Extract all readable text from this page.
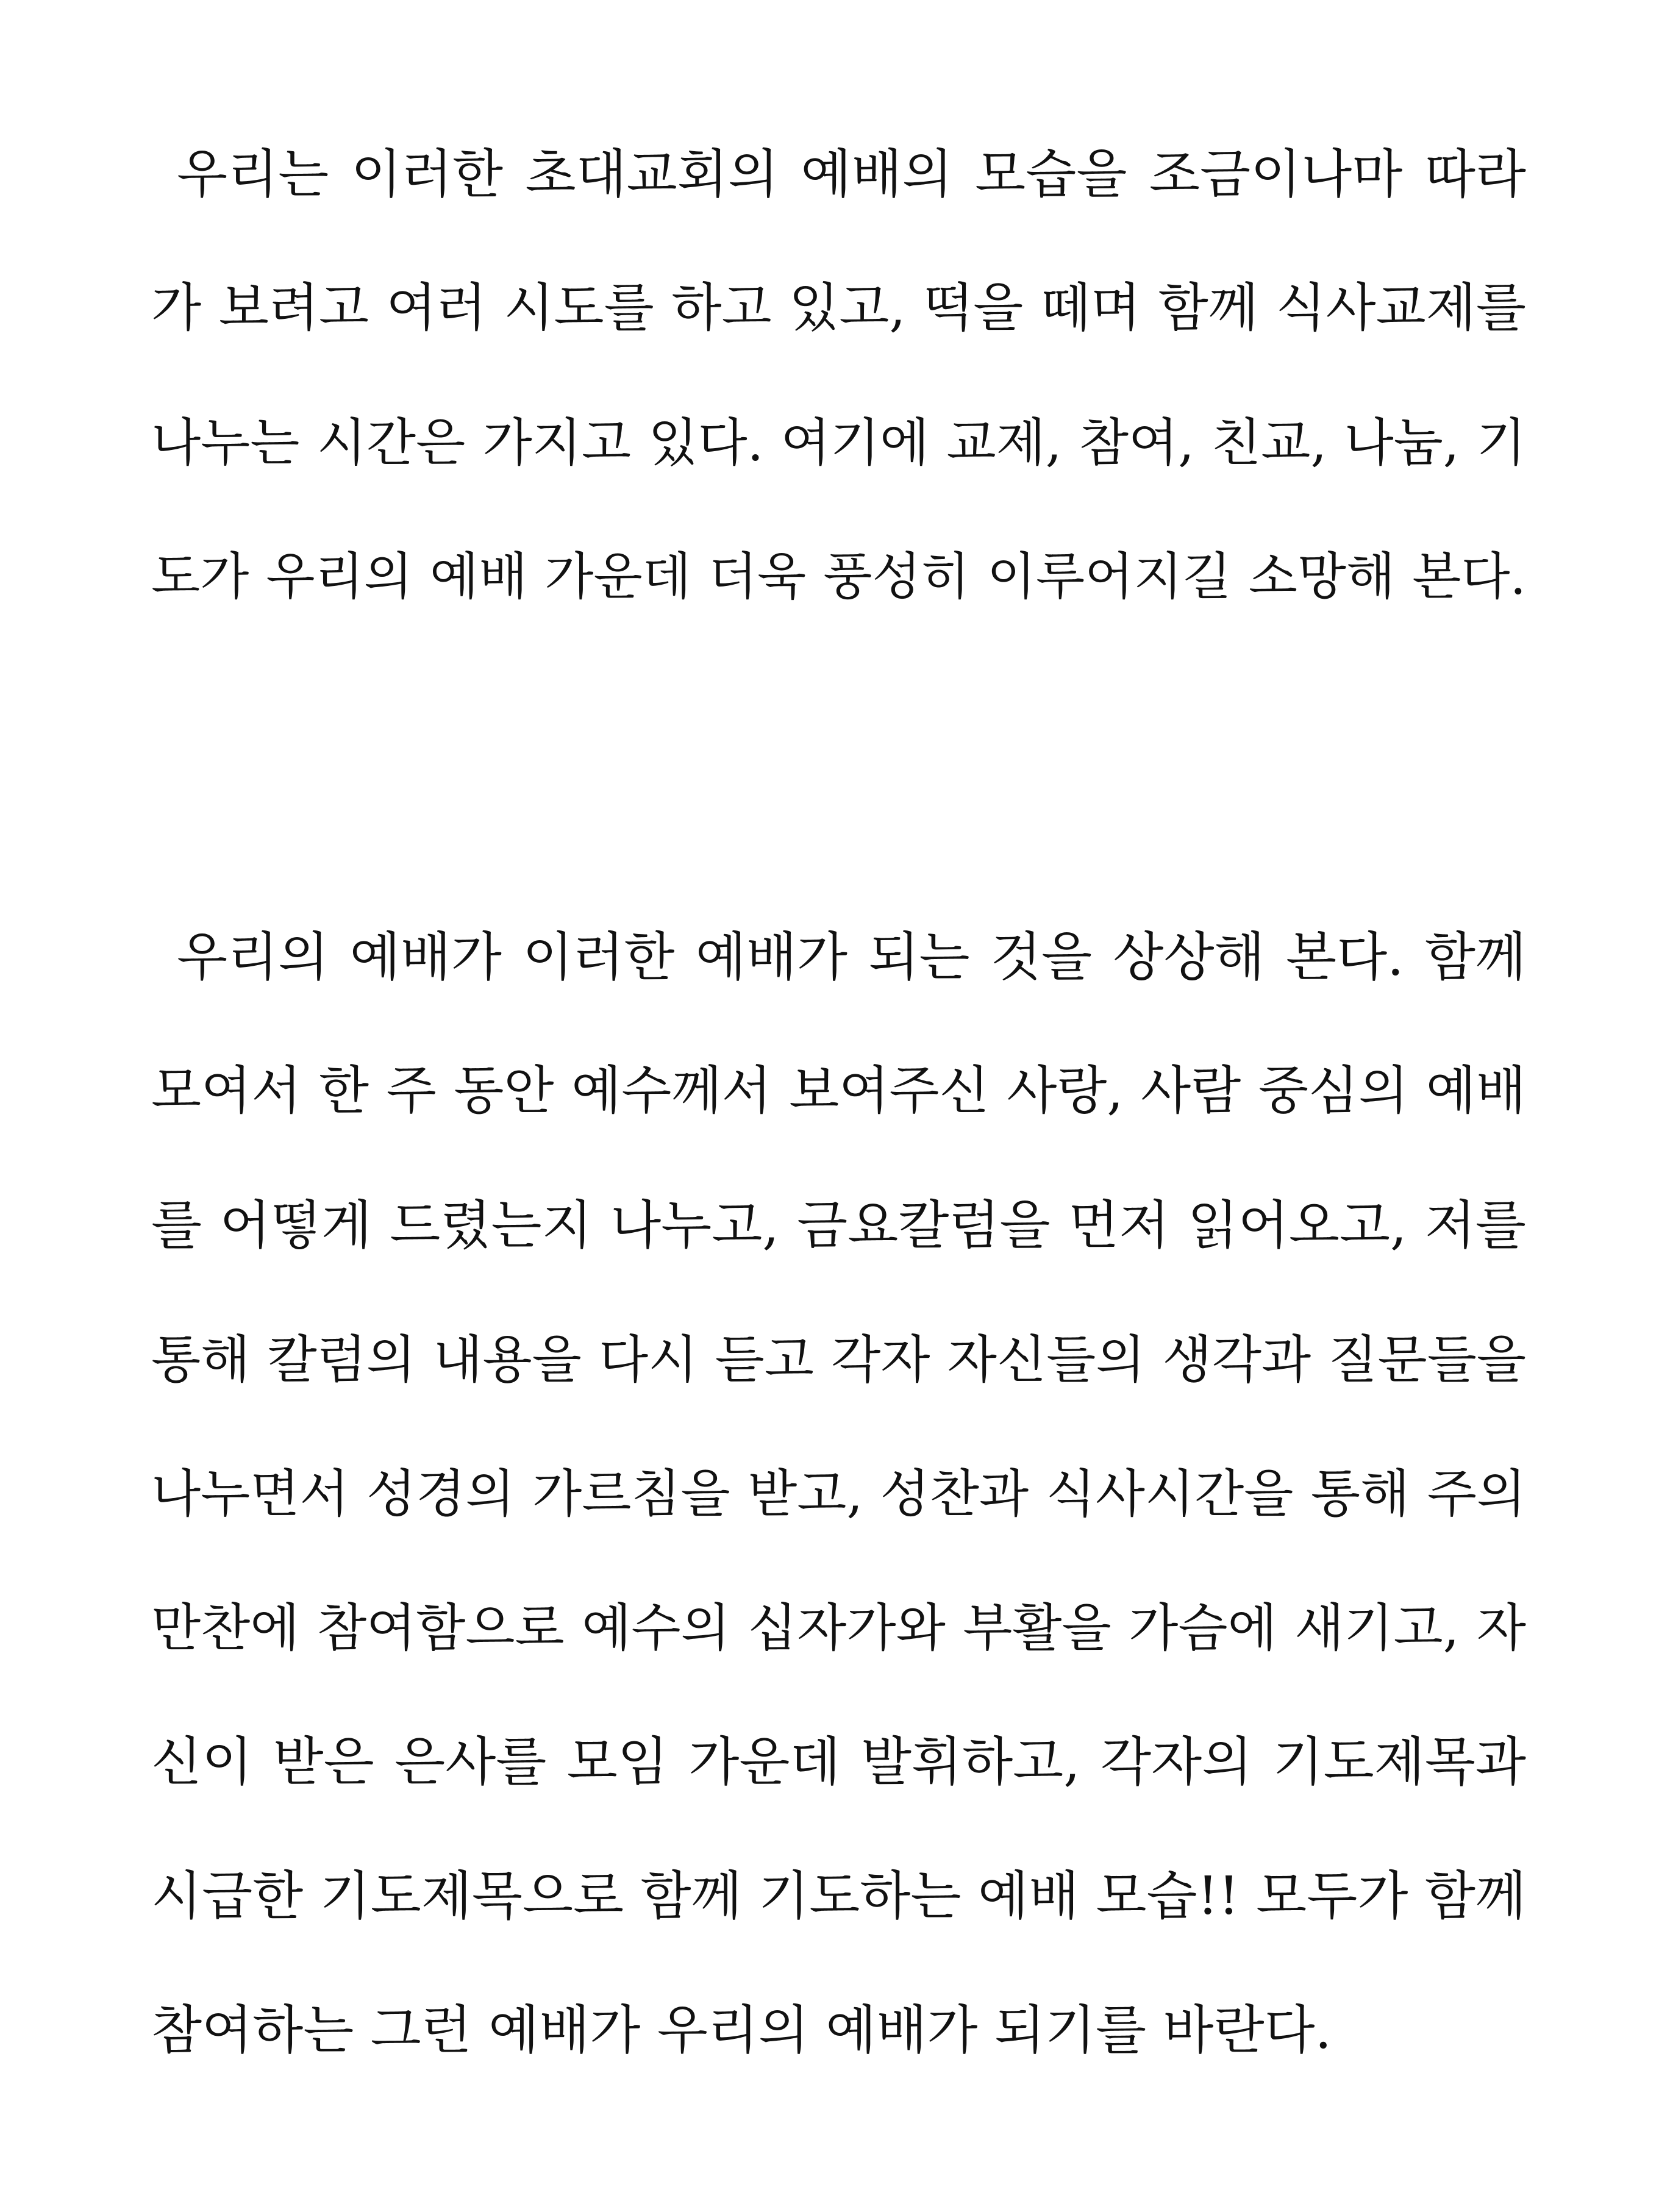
우리는 이러한 초대교회의 예배의 모습을 조금이나마 따라
가 보려고 여러 시도를 하고 있고, 떡을 떼며 함께 식사교제를
나누는 시간은 가지고 있다. 여기에 교제, 참여, 친교, 나눔, 기
도가 우리의 예배 가운데 더욱 풍성히 이루어지길 소망해 본다.
우리의 예배가 이러한 예배가 되는 것을 상상해 본다. 함께
모여서 한 주 동안 예수께서 보여주신 사랑, 사람 중심의 예배
를 어떻게 드렸는지 나누고, 금요칼럼을 먼저 읽어오고, 저를
통해 칼럼의 내용을 다시 듣고 각자 자신들의 생각과 질문들을
나누면서 성경의 가르침을 받고, 성찬과 식사시간을 통해 주의
만찬에 참여함으로 예수의 십자가와 부활을 가슴에 새기고, 자
신이 받은 은사를 모임 가운데 발휘하고, 각자의 기도제목과
시급한 기도제목으로 함께 기도하는 예배 모습!! 모두가 함께
참여하는 그런 예배가 우리의 예배가 되기를 바란다.
